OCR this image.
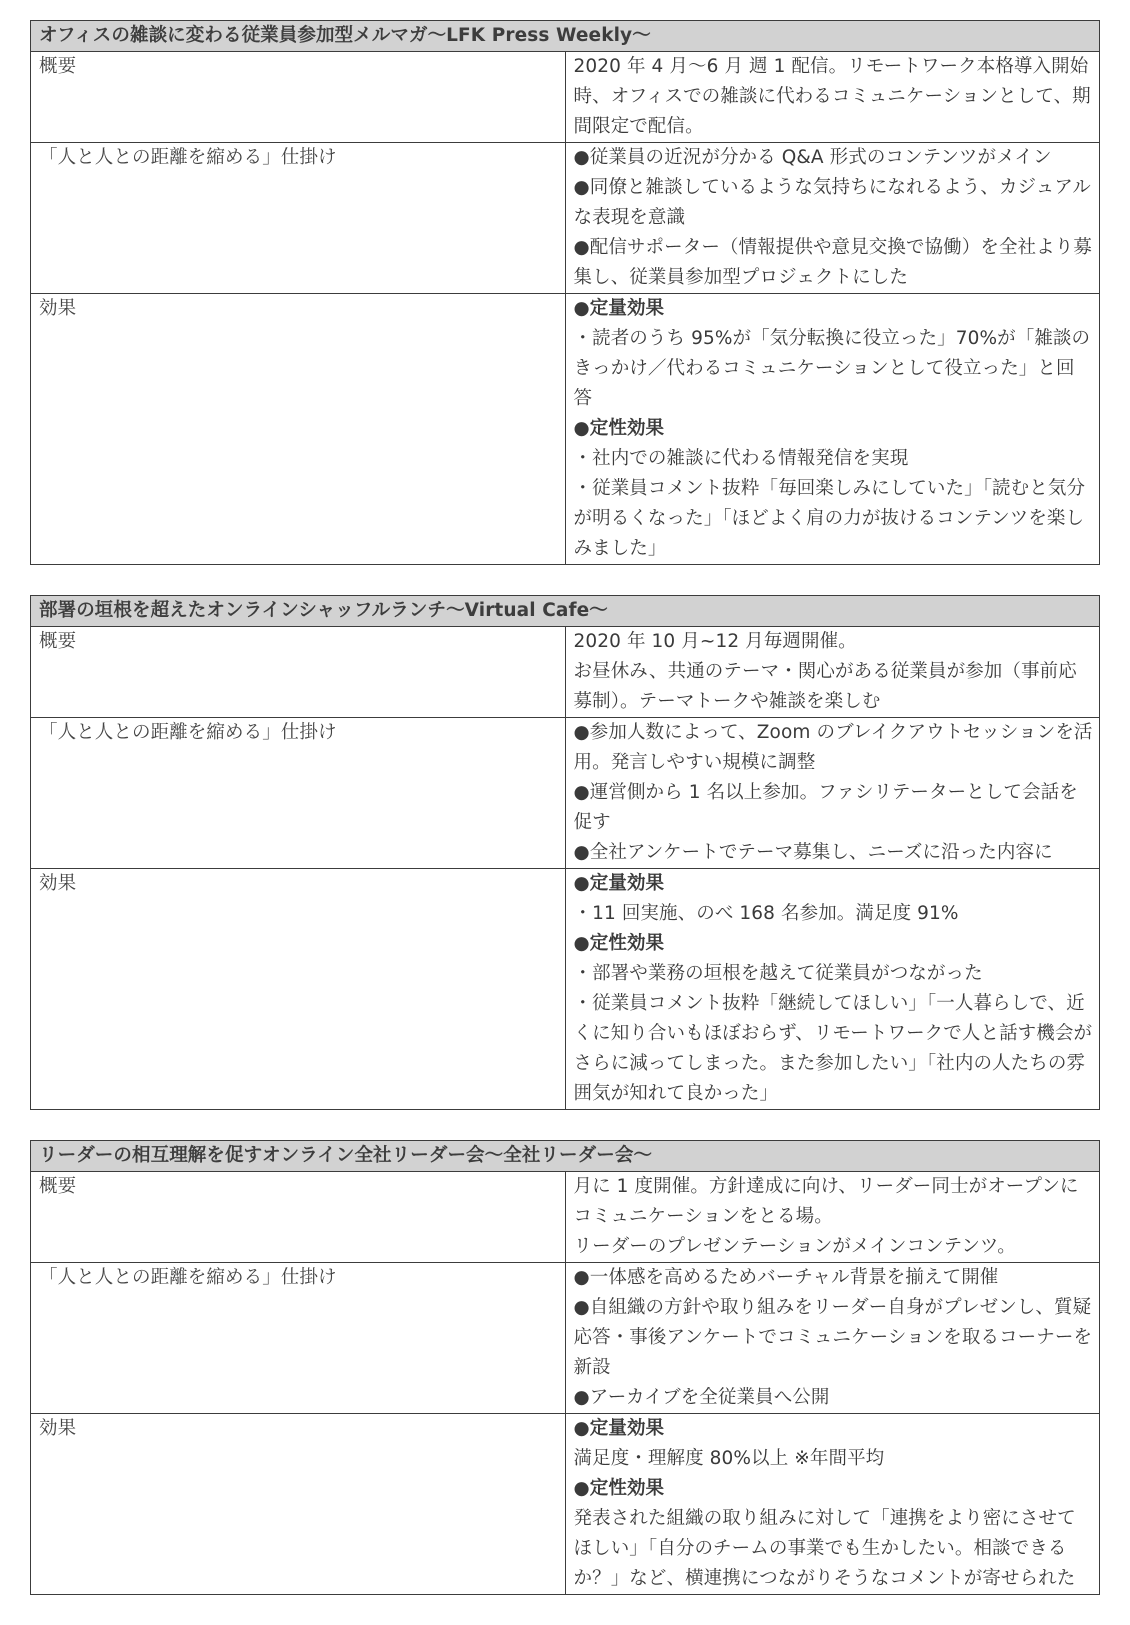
オフィスの雑談に変わる従業員参加型メルマガ〜LFK Press Weekly〜	
概要	2020 年 4 月〜6 月 週 1 配信。リモートワーク本格導入開始時、オフィスでの雑談に代わるコミュニケーションとして、期間限定で配信。

「人と人との距離を縮める」仕掛け	●従業員の近況が分かる Q&A 形式のコンテンツがメイン
●同僚と雑談しているような気持ちになれるよう、カジュアルな表現を意識
●配信サポーター（情報提供や意見交換で協働）を全社より募集し、従業員参加型プロジェクトにした

効果	●定量効果
・読者のうち 95%が「気分転換に役立った」70%が「雑談のきっかけ／代わるコミュニケーションとして役立った」と回答
●定性効果
・社内での雑談に代わる情報発信を実現
・従業員コメント抜粋「毎回楽しみにしていた」「読むと気分が明るくなった」「ほどよく肩の力が抜けるコンテンツを楽しみました」
部署の垣根を超えたオンラインシャッフルランチ〜Virtual Cafe〜	
概要	2020 年 10 月~12 月毎週開催。
お昼休み、共通のテーマ・関心がある従業員が参加（事前応募制）。テーマトークや雑談を楽しむ

「人と人との距離を縮める」仕掛け	●参加人数によって、Zoom のブレイクアウトセッションを活用。発言しやすい規模に調整
●運営側から 1 名以上参加。ファシリテーターとして会話を促す
●全社アンケートでテーマ募集し、ニーズに沿った内容に

効果	●定量効果
・11 回実施、のべ 168 名参加。満足度 91%
●定性効果
・部署や業務の垣根を越えて従業員がつながった
・従業員コメント抜粋「継続してほしい」「一人暮らしで、近くに知り合いもほぼおらず、リモートワークで人と話す機会がさらに減ってしまった。また参加したい」「社内の人たちの雰囲気が知れて良かった」
リーダーの相互理解を促すオンライン全社リーダー会〜全社リーダー会〜	
概要	月に 1 度開催。方針達成に向け、リーダー同士がオープンにコミュニケーションをとる場。
リーダーのプレゼンテーションがメインコンテンツ。

「人と人との距離を縮める」仕掛け	●一体感を高めるためバーチャル背景を揃えて開催
●自組織の方針や取り組みをリーダー自身がプレゼンし、質疑応答・事後アンケートでコミュニケーションを取るコーナーを新設
●アーカイブを全従業員へ公開

効果	●定量効果
満足度・理解度 80%以上 ※年間平均
●定性効果
発表された組織の取り組みに対して「連携をより密にさせてほしい」「自分のチームの事業でも生かしたい。相談できるか？」など、横連携につながりそうなコメントが寄せられた
